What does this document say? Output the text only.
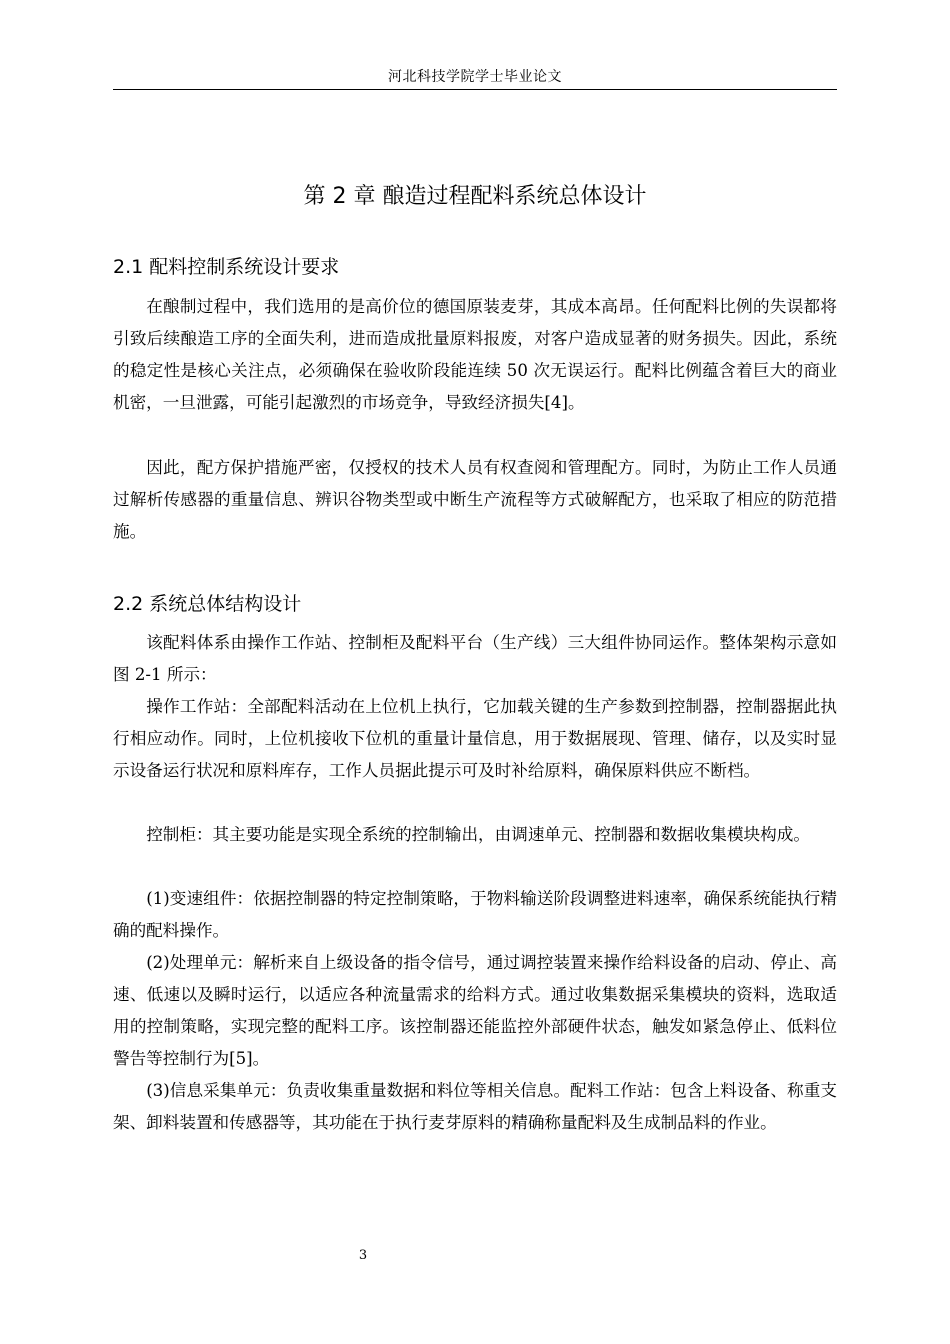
河北科技学院学士毕业论文
第 2 章 酿造过程配料系统总体设计
2.1 配料控制系统设计要求

在酿制过程中，我们选用的是高价位的德国原装麦芽，其成本高昂。任何配料比例的失误都将引致后续酿造工序的全面失利，进而造成批量原料报废，对客户造成显著的财务损失。因此，系统的稳定性是核心关注点，必须确保在验收阶段能连续 50 次无误运行。配料比例蕴含着巨大的商业机密，一旦泄露，可能引起激烈的市场竞争，导致经济损失[4]。

因此，配方保护措施严密，仅授权的技术人员有权查阅和管理配方。同时，为防止工作人员通过解析传感器的重量信息、辨识谷物类型或中断生产流程等方式破解配方，也采取了相应的防范措施。

2.2 系统总体结构设计

该配料体系由操作工作站、控制柜及配料平台（生产线）三大组件协同运作。整体架构示意如图 2-1 所示：

操作工作站：全部配料活动在上位机上执行，它加载关键的生产参数到控制器，控制器据此执行相应动作。同时，上位机接收下位机的重量计量信息，用于数据展现、管理、储存，以及实时显示设备运行状况和原料库存，工作人员据此提示可及时补给原料，确保原料供应不断档。

控制柜：其主要功能是实现全系统的控制输出，由调速单元、控制器和数据收集模块构成。

(1)变速组件：依据控制器的特定控制策略，于物料输送阶段调整进料速率，确保系统能执行精确的配料操作。

(2)处理单元：解析来自上级设备的指令信号，通过调控装置来操作给料设备的启动、停止、高速、低速以及瞬时运行，以适应各种流量需求的给料方式。通过收集数据采集模块的资料，选取适用的控制策略，实现完整的配料工序。该控制器还能监控外部硬件状态，触发如紧急停止、低料位警告等控制行为[5]。

(3)信息采集单元：负责收集重量数据和料位等相关信息。配料工作站：包含上料设备、称重支架、卸料装置和传感器等，其功能在于执行麦芽原料的精确称量配料及生成制品料的作业。

3
